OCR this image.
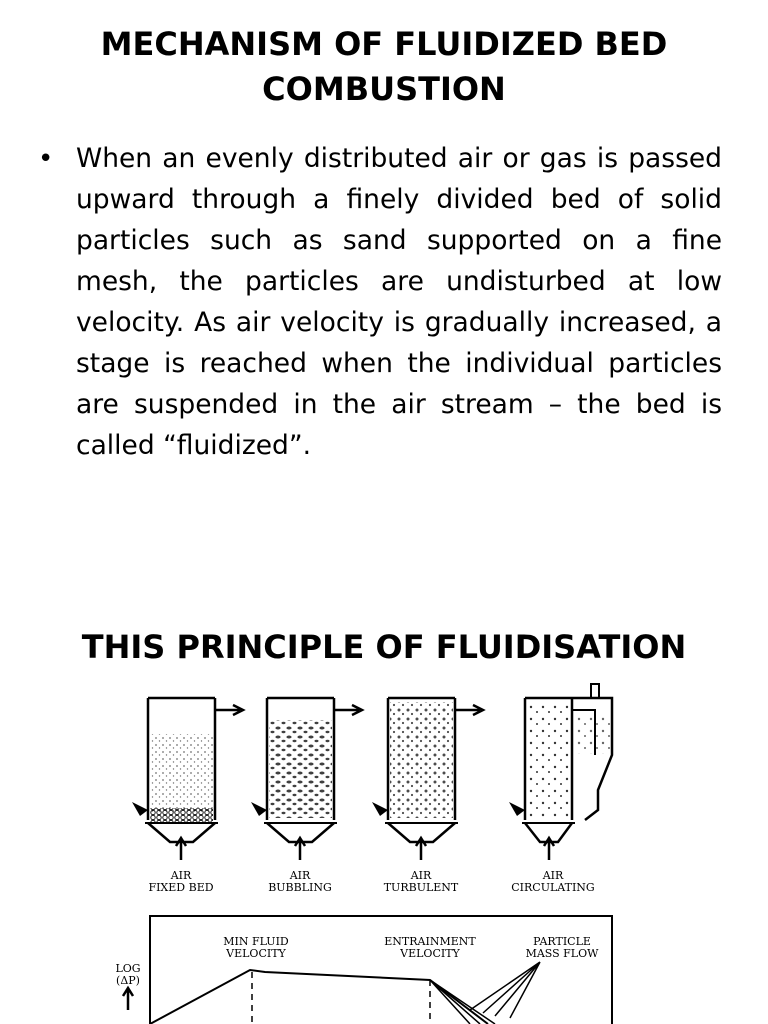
MECHANISM OF FLUIDIZED BED COMBUSTION
• When an evenly distributed air or gas is passed upward through a finely divided bed of solid particles such as sand supported on a fine mesh, the particles are undisturbed at low velocity. As air velocity is gradually increased, a stage is reached when the individual particles are suspended in the air stream – the bed is called “fluidized”.

THIS PRINCIPLE OF FLUIDISATION
AIR
FIXED BED
AIR
BUBBLING
AIR
TURBULENT
AIR
CIRCULATING
LOG
(ΔP)
MIN FLUID
VELOCITY
ENTRAINMENT
VELOCITY
PARTICLE
MASS FLOW
